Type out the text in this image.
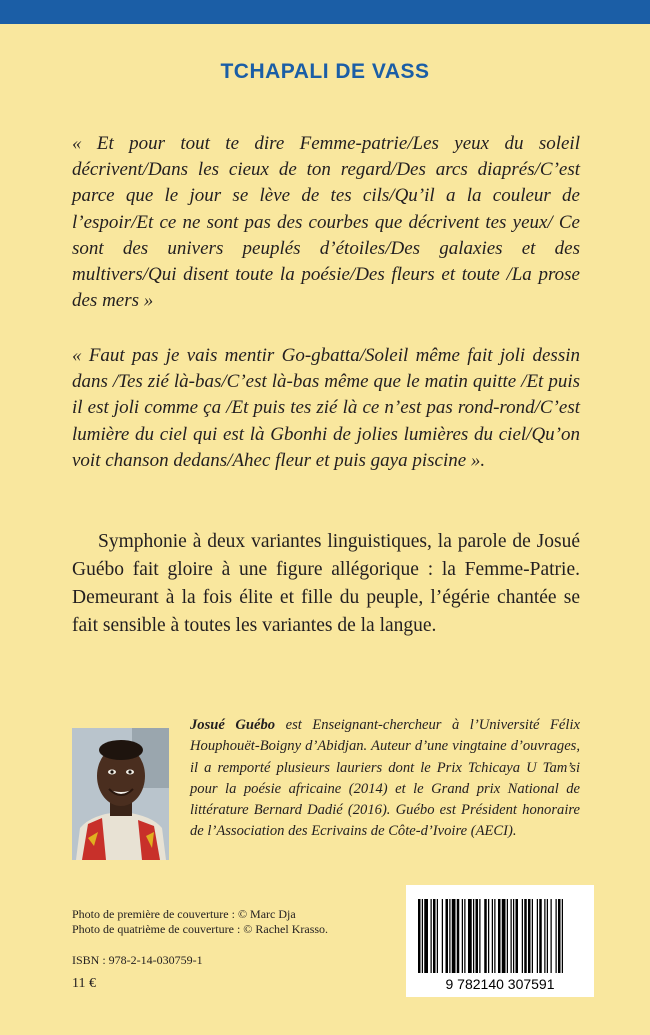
TCHAPALI DE VASS
« Et pour tout te dire Femme-patrie/Les yeux du soleil décrivent/Dans les cieux de ton regard/Des arcs diaprés/C’est parce que le jour se lève de tes cils/Qu’il a la couleur de l’espoir/Et ce ne sont pas des courbes que décrivent tes yeux/ Ce sont des univers peuplés d’étoiles/Des galaxies et des multivers/Qui disent toute la poésie/Des fleurs et toute /La prose des mers »
« Faut pas je vais mentir Go-gbatta/Soleil même fait joli dessin dans /Tes zié là-bas/C’est là-bas même que le matin quitte /Et puis il est joli comme ça /Et puis tes zié là ce n’est pas rond-rond/C’est lumière du ciel qui est là Gbonhi de jolies lumières du ciel/Qu’on voit chanson dedans/Ahec fleur et puis gaya piscine ».
Symphonie à deux variantes linguistiques, la parole de Josué Guébo fait gloire à une figure allégorique : la Femme-Patrie. Demeurant à la fois élite et fille du peuple, l’égérie chantée se fait sensible à toutes les variantes de la langue.
Josué Guébo est Enseignant-chercheur à l’Université Félix Houphouët-Boigny d’Abidjan. Auteur d’une vingtaine d’ouvrages, il a remporté plusieurs lauriers dont le Prix Tchicaya U Tam’si pour la poésie africaine (2014) et le Grand prix National de littérature Bernard Dadié (2016). Guébo est Président honoraire de l’Association des Ecrivains de Côte-d’Ivoire (AECI).
Photo de première de couverture : © Marc Dja
Photo de quatrième de couverture : © Rachel Krasso.
ISBN : 978-2-14-030759-1
11 €	9 782140 307591
